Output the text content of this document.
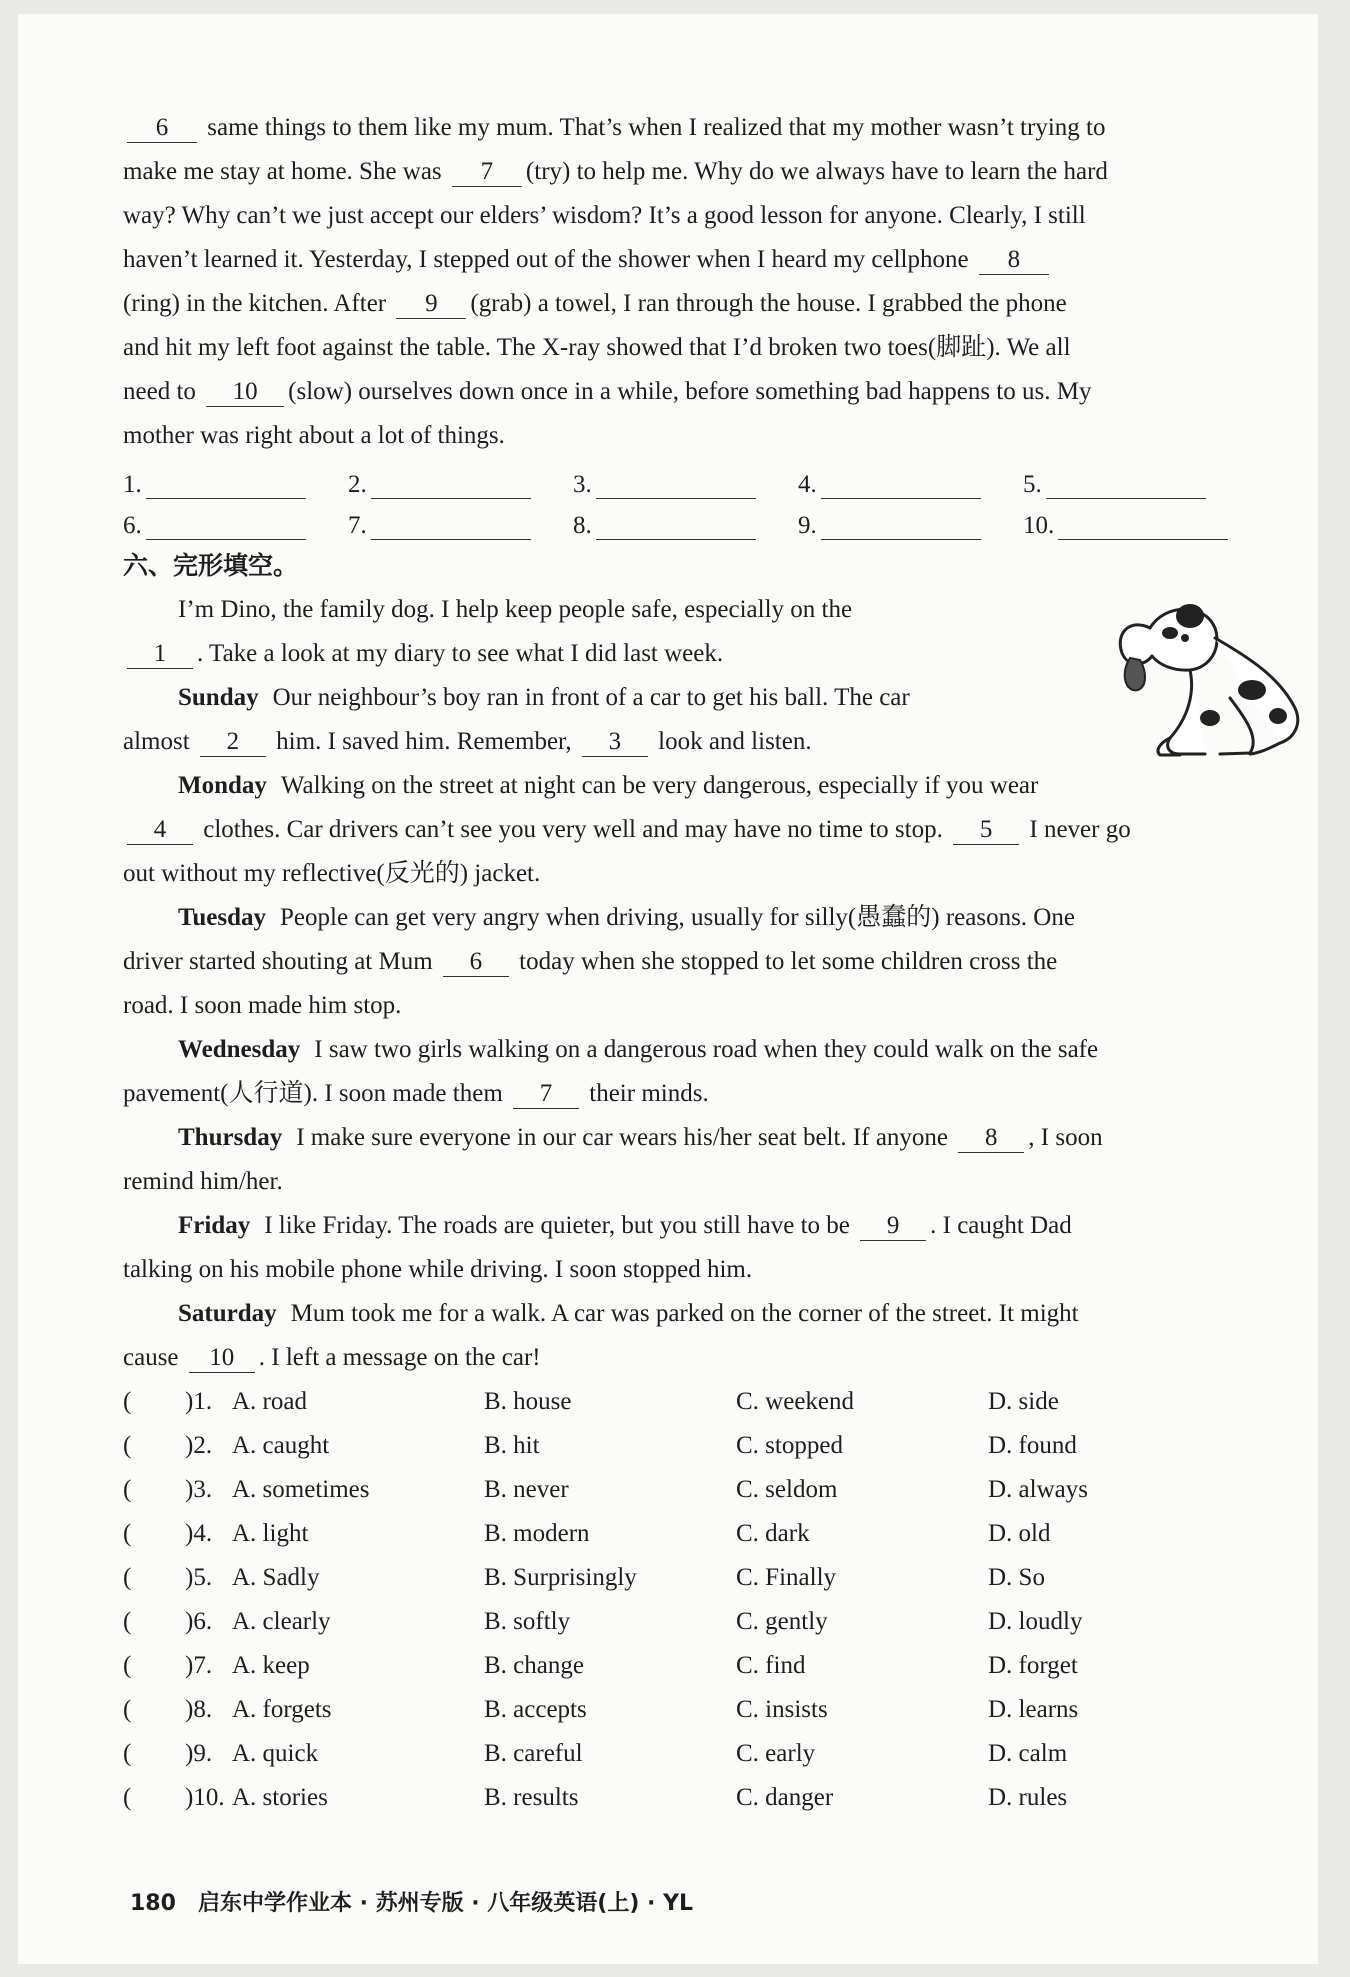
6 same things to them like my mum. That’s when I realized that my mother wasn’t trying to

make me stay at home. She was 7 (try) to help me. Why do we always have to learn the hard

way? Why can’t we just accept our elders’ wisdom? It’s a good lesson for anyone. Clearly, I still

haven’t learned it. Yesterday, I stepped out of the shower when I heard my cellphone 8

(ring) in the kitchen. After 9 (grab) a towel, I ran through the house. I grabbed the phone

and hit my left foot against the table. The X-ray showed that I’d broken two toes(脚趾). We all

need to 10 (slow) ourselves down once in a while, before something bad happens to us. My

mother was right about a lot of things.

1.	2.	3.	4.	5.
6.	7.	8.	9.	10.
六、完形填空。

I’m Dino, the family dog. I help keep people safe, especially on the

1 . Take a look at my diary to see what I did last week.

Sunday Our neighbour’s boy ran in front of a car to get his ball. The car

almost 2 him. I saved him. Remember, 3 look and listen.

Monday Walking on the street at night can be very dangerous, especially if you wear

4 clothes. Car drivers can’t see you very well and may have no time to stop. 5 I never go

out without my reflective(反光的) jacket.

Tuesday People can get very angry when driving, usually for silly(愚蠢的) reasons. One

driver started shouting at Mum 6 today when she stopped to let some children cross the

road. I soon made him stop.

Wednesday I saw two girls walking on a dangerous road when they could walk on the safe

pavement(人行道). I soon made them 7 their minds.

Thursday I make sure everyone in our car wears his/her seat belt. If anyone 8 , I soon

remind him/her.

Friday I like Friday. The roads are quieter, but you still have to be 9 . I caught Dad

talking on his mobile phone while driving. I soon stopped him.

Saturday Mum took me for a walk. A car was parked on the corner of the street. It might

cause 10 . I left a message on the car!

(	)1. A. road	B. house	C. weekend	D. side
(	)2. A. caught	B. hit	C. stopped	D. found
(	)3. A. sometimes	B. never	C. seldom	D. always
(	)4. A. light	B. modern	C. dark	D. old
(	)5. A. Sadly	B. Surprisingly	C. Finally	D. So
(	)6. A. clearly	B. softly	C. gently	D. loudly
(	)7. A. keep	B. change	C. find	D. forget
(	)8. A. forgets	B. accepts	C. insists	D. learns
(	)9. A. quick	B. careful	C. early	D. calm
(	)10. A. stories	B. results	C. danger	D. rules
180 启东中学作业本 · 苏州专版 · 八年级英语(上) · YL
